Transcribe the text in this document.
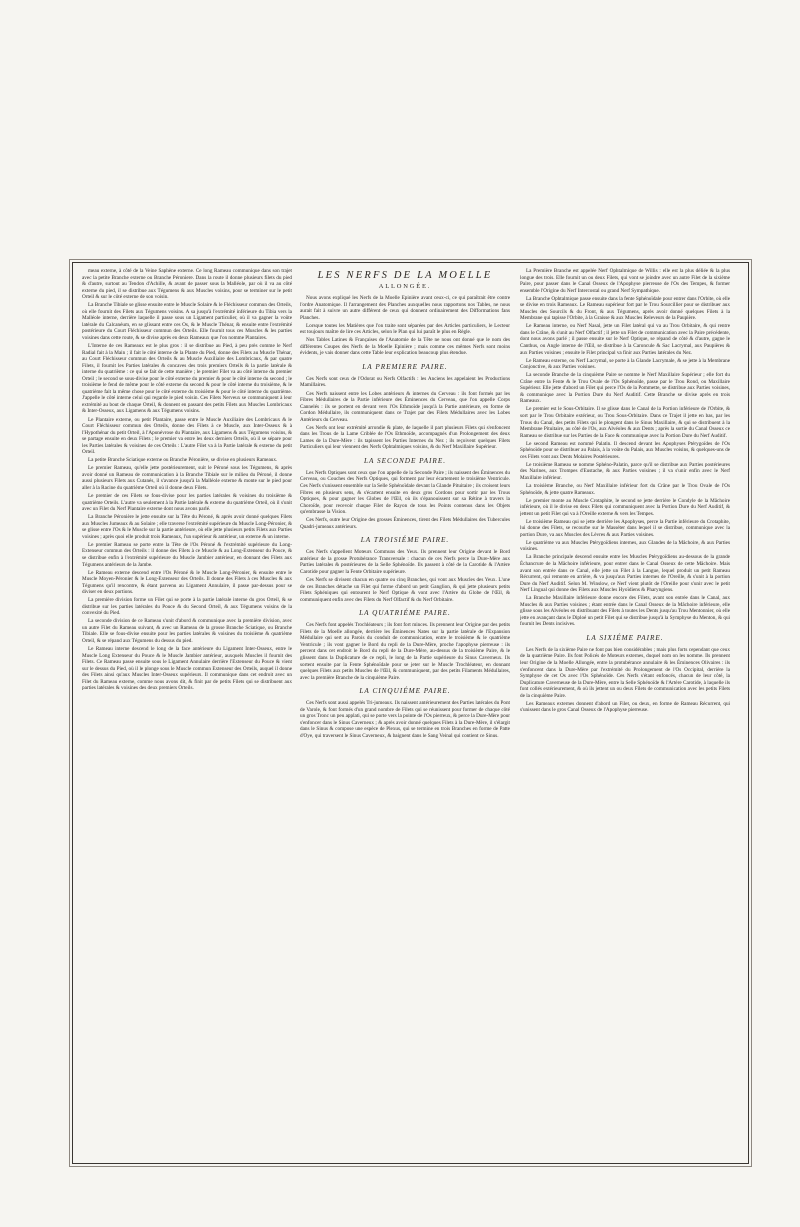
meau externe, à côté de la Veine Saphène externe. Ce long Rameau communique dans son trajet avec la petite Branche externe ou Branche Péroniere. Dans la route il donne plusieurs filets du pied & d'autre, surtout au Tendon d'Achille, & avant de passer sous la Malléole, par où il va au côté externe du pied, il se distribue aux Tégumens & aux Muscles voisins, pour se terminer sur le petit Orteil & sur le côté externe de son voisin.

La Branche Tibiale se glisse ensuite entre le Muscle Solaire & le Fléchisseur commun des Orteils, où elle fournit des Filets aux Tégumens voisins. A sa jusqu'à l'extrémité inférieure du Tibia vers la Malléole interne, derrière laquelle il passe sous un Ligament particulier, où il va gagner la voûte latérale du Calcanéum, en se glissant entre ces Os, & le Muscle Thénar, & ensuite entre l'extrémité postérieure du Court Fléchisseur commun des Orteils. Elle fournit tous ces Muscles & les parties voisines dans cette route, & se divise après en deux Rameaux que l'on nomme Plantaires.

L'Interne de ces Rameaux est le plus gros : il se distribue au Pied, à peu près comme le Nerf Radial fait à la Main ; il fait le côté interne de la Plante du Pied, donne des Filets au Muscle Thénar, au Court Fléchisseur commun des Orteils & au Muscle Auxiliaire des Lombricaux, & par quatre Filets, il fournit les Parties latérales & concaves des trois premiers Orteils & la partie latérale & interne du quatrième : ce qui se fait de cette manière ; le premier Filet va au côté interne du premier Orteil ; le second se sous-divise pour le côté externe du premier & pour le côté interne du second ; le troisième le fend de même pour le côté externe du second & pour le côté interne du troisième, & le quatrième fait la même chose pour le côté externe du troisième & pour le côté interne du quatrième. J'appelle le côté interne celui qui regarde le pied voisin. Ces Filets Nerveux se communiquent à leur extrémité au bout de chaque Orteil, & donnent en passant des petits Filets aux Muscles Lombricaux & Inter-Osseux, aux Ligamens & aux Tégumens voisins.

Le Plantaire externe, ou petit Plantaire, passe entre le Muscle Auxiliaire des Lombricaux & le Court Fléchisseur commun des Orteils, donne des Filets à ce Muscle, aux Inter-Osseux & à l'Hypothénar du petit Orteil, à l'Aponévrose du Plantaire, aux Ligamens & aux Tégumens voisins, & se partage ensuite en deux Filets ; le premier va entre les deux derniers Orteils, où il se sépare pour les Parties latérales & voisines de ces Orteils : L'autre Filet va à la Partie latérale & externe du petit Orteil.

La petite Branche Sciatique externe ou Branche Péronière, se divise en plusieurs Rameaux.

Le premier Rameau, qu'elle jette postérieurement, suit le Péroné sous les Tégumens, & après avoir donné un Rameau de communication à la Branche Tibiale sur le milieu du Péroné, il donne aussi plusieurs Filets aux Cutanés, il s'avance jusqu'à la Malléole externe & monte sur le pied pour aller à la Racine du quatrième Orteil où il donne deux Filets.

Le premier de ces Filets se fous-divise pour les parties latérales & voisines du troisième & quatrième Orteils. L'autre va seulement à la Partie latérale & externe du quatrième Orteil, où il s'unit avec un Filet du Nerf Plantaire externe dont nous avons parlé.

La Branche Péronière le jette ensuite sur la Tête du Péroné, & après avoir donné quelques Filets aux Muscles Jumeaux & au Solaire ; elle traverse l'extrémité supérieure du Muscle Long-Péronier, & se glisse entre l'Os & le Muscle sur la partie antérieure, où elle jette plusieurs petits Filets aux Parties voisines ; après quoi elle produit trois Rameaux, l'un supérieur & antérieur, un externe & un interne.

Le premier Rameau se porte entre la Tête de l'Os Péroné & l'extrémité supérieure du Long-Extenseur commun des Orteils : il donne des Filets à ce Muscle & au Long-Extenseur du Pouce, & se distribue enfin à l'extrémité supérieure du Muscle Jambier antérieur, en donnant des Filets aux Tégumens antérieurs de la Jambe.

Le Rameau externe descend entre l'Os Péroné & le Muscle Long-Péronier, & ensuite entre le Muscle Moyen-Péronier & le Long-Extenseur des Orteils. Il donne des Filets à ces Muscles & aux Tégumens qu'il rencontre, & étant parvenu au Ligament Annulaire, il passe par-dessus pour se diviser en deux portions.

La première division forme un Filet qui se porte à la partie latérale interne du gros Orteil, & se distribue sur les parties latérales du Pouce & du Second Orteil, & aux Tégumens voisins de la convexité du Pied.

La seconde division de ce Rameau s'unit d'abord & communique avec la première division, avec un autre Filet du Rameau suivant, & avec un Rameau de la grosse Branche Sciatique, ou Branche Tibiale. Elle se fous-divise ensuite pour les parties latérales & voisines du troisième & quatrième Orteil, & se répand aux Tégumens du dessus du pied.

Le Rameau interne descend le long de la face antérieure du Ligament Inter-Osseux, entre le Muscle Long Extenseur du Pouce & le Muscle Jambier antérieur, auxquels Muscles il fournit des Filets. Ce Rameau passe ensuite sous le Ligament Annulaire derrière l'Extenseur du Pouce & vient sur le dessus du Pied, où il le plonge sous le Muscle commun Extenseur des Orteils, auquel il donne des Filets ainsi qu'aux Muscles Inter-Osseux supérieurs. Il communique dans cet endroit avec un Filet du Rameau externe, comme nous avons dit, & finit par de petits Filets qui se distribuent aux parties latérales & voisines des deux premiers Orteils.

LES NERFS DE LA MOELLE
ALLONGÉE.

Nous avons expliqué les Nerfs de la Moelle Epinière avant ceux-ci, ce qui paraîtrait être contre l'ordre Anatomique. Il l'arrangement des Planches auxquelles nous rapportons nos Tables, ne nous aurait fait à suivre un autre différent de ceux qui donnent ordinairement des Difformations fans Planches.

Lorsque toutes les Matières que l'on traite sont séparées par des Articles particuliers, le Lecteur est toujours maître de lire ces Articles, selon le Plan qui lui paraît le plus en Règle.

Nos Tables Latines & Françaises de l'Anatomie de la Tête ne nous ont donné que le nom des différentes Coupes des Nerfs de la Moelle Epinière ; mais comme ces mêmes Nerfs sont moins évidents, je vais donner dans cette Table leur explication beaucoup plus étendue.

LA PREMIERE PAIRE.

Ces Nerfs sont ceux de l'Odorat ou Nerfs Olfactifs : les Anciens les appelaient les Productions Mamillaires.

Ces Nerfs naissent entre les Lobes antérieurs & internes du Cerveau : ils font formés par les Fibres Médullaires de la Partie inférieure des Éminences du Cerveau, que l'on appelle Corps Cannelés : ils se portent en devant vers l'Os Ethmoïde jusqu'à la Partie antérieure, en forme de Cordon Médullaire, ils communiquent dans ce Trajet par des Filets Médullaires avec les Lobes Antérieurs du Cerveau.

Ces Nerfs ont leur extrémité arrondie & plate, de laquelle il part plusieurs Filets qui s'enfoncent dans les Trous de la Lame Criblée de l'Os Ethmoïde, accompagnés d'un Prolongement des deux Lames de la Dure-Mère : ils tapissent les Parties Internes du Nez ; ils reçoivent quelques Filets Particuliers qui leur viennent des Nerfs Ophtalmiques voisins, & du Nerf Maxillaire Supérieur.

LA SECONDE PAIRE.

Les Nerfs Optiques sont ceux que l'on appelle de la Seconde Paire ; ils naissent des Éminences du Cerveau, ou Couches des Nerfs Optiques, qui forment par leur écartement le troisième Ventricule. Ces Nerfs s'unissent ensemble sur la Selle Sphénoïdale devant la Glande Pituitaire ; ils croisent leurs Fibres en plusieurs sens, & s'écartent ensuite en deux gros Cordons pour sortir par les Trous Optiques, & pour gagner les Globes de l'Œil, où ils s'épanouissent sur sa Rétine à travers la Choroïde, pour recevoir chaque Filet de Rayon de tous les Points contenus dans les Objets qu'embrasse la Vision.

Ces Nerfs, outre leur Origine des grosses Éminences, tirent des Filets Médullaires des Tubercules Quadri-jumeaux antérieurs.

LA TROISIÉME PAIRE.

Ces Nerfs s'appellent Moteurs Communs des Yeux. Ils prennent leur Origine devant le Bord antérieur de la grosse Protubérance Transversale : chacun de ces Nerfs perce la Dure-Mère aux Parties latérales & postérieures de la Selle Sphénoïde. Ils passent à côté de la Carotide & l'Artère Carotide pour gagner la Fente Orbitaire supérieure.

Ces Nerfs se divisent chacun en quatre ou cinq Branches, qui vont aux Muscles des Yeux. L'une de ces Branches détache un Filet qui forme d'abord un petit Ganglion, & qui jette plusieurs petits Filets Sphéniques qui entourent le Nerf Optique & vont avec l'Artère du Globe de l'Œil, & communiquent enfin avec des Filets du Nerf Olfactif & du Nerf Orbitaire.

LA QUATRIÉME PAIRE.

Ces Nerfs font appelés Trochléateurs ; ils font fort minces. Ils prennent leur Origine par des petits Filets de la Moelle allongée, derrière les Éminences Nates sur la partie latérale de l'Expansion Médullaire qui sert au Parois du conduit de communication, entre le troisième & le quatrième Ventricule ; ils vont gagner le Bord du repli de la Dure-Mère, proche l'apophyse pierreuse : ils percent dans cet endroit le Bord du repli de la Dure-Mère, au-dessus de la troisième Paire, & le glissent dans la Duplicature de ce repli, le long de la Partie supérieure du Sinus Caverneux. Ils sortent ensuite par la Fente Sphénoïdale pour se jeter sur le Muscle Trochléateur, en donnant quelques Filets aux petits Muscles de l'Œil, & communiquent, par des petits Filaments Médullaires, avec la première Branche de la cinquième Paire.

LA CINQUIÉME PAIRE.

Ces Nerfs sont aussi appelés Tri-jumeaux. Ils naissent antérieurement des Parties latérales du Pont de Varole, & font formés d'un grand nombre de Filets qui se réunissent pour former de chaque côté un gros Tronc un peu applati, qui se porte vers la pointe de l'Os pierreux, & perce la Dure-Mère pour s'enfoncer dans le Sinus Caverneux ; & après avoir donné quelques Filets à la Dure-Mère, il s'élargit dans le Sinus & compose une espèce de Plexus, qui se termine en trois Branches en forme de Patte d'Oye, qui traversent le Sinus Caverneux, & baignent dans le Sang Veinal qui contient ce Sinus.

La Première Branche est appelée Nerf Ophtalmique de Willis : elle est la plus déliée & la plus longue des trois. Elle fournit un ou deux Filets, qui vont se joindre avec un autre Filet de la sixième Paire, pour passer dans le Canal Osseux de l'Apophyse pierreuse de l'Os des Tempes, & former ensemble l'Origine du Nerf Intercostal ou grand Nerf Sympathique.

La Branche Ophtalmique passe ensuite dans la fente Sphénoïdale pour entrer dans l'Orbite, où elle se divise en trois Rameaux. Le Rameau supérieur fort par le Trou Sourcillier pour se distribuer aux Muscles des Sourcils & du Front, & aux Tégumens, après avoir donné quelques Filets à la Membrane qui tapisse l'Orbite, à la Graisse & aux Muscles Releveurs de la Paupière.

Le Rameau interne, ou Nerf Nasal, jette un Filet latéral qui va au Trou Orbitaire, & qui rentre dans le Crâne, & s'unit au Nerf Olfactif ; il jette un Filet de communication avec la Paire précédente, dont nous avons parlé ; il passe ensuite sur le Nerf Optique, se répand de côté & d'autre, gagne le Canthus, ou Angle interne de l'Œil, se distribue à la Caroncule & Sac Lacrymal, aux Paupières & aux Parties voisines ; ensuite le Filet principal va finir aux Parties latérales du Nez.

Le Rameau externe, ou Nerf Lacrymal, se porte à la Glande Lacrymale, & se jette à la Membrane Conjonctive, & aux Parties voisines.

La seconde Branche de la cinquième Paire se nomme le Nerf Maxillaire Supérieur ; elle fort du Crâne entre la Fente & le Trou Ovale de l'Os Sphénoïde, passe par le Trou Rond, ou Maxillaire Supérieur. Elle jette d'abord un Filet qui perce l'Os de la Pommette, se distribue aux Parties voisines, & communique avec la Portion Dure du Nerf Auditif. Cette Branche se divise après en trois Rameaux.

Le premier est le Sous-Orbitaire. Il se glisse dans le Canal de la Portion inférieure de l'Orbite, & sort par le Trou Orbitaire extérieur, ou Trou Sous-Orbitaire. Dans ce Trajet il jette en bas, par les Trous du Canal, des petits Filets qui le plongent dans le Sinus Maxillaire, & qui se distribuent à la Membrane Pituitaire, au côté de l'Os, aux Alvéoles & aux Dents ; après la sortie du Canal Osseux ce Rameau se distribue sur les Parties de la Face & communique avec la Portion Dure du Nerf Auditif.

Le second Rameau est nommé Palatin. Il descend devant les Apophyses Ptérygoïdes de l'Os Sphénoïde pour se distribuer au Palais, à la voûte du Palais, aux Muscles voisins, & quelques-uns de ces Filets vont aux Dents Molaires Postérieures.

Le troisième Rameau se nomme Sphéno-Palatin, parce qu'il se distribue aux Parties postérieures des Narines, aux Trompes d'Eustache, & aux Parties voisines ; il va s'unir enfin avec le Nerf Maxillaire inférieur.

La troisième Branche, ou Nerf Maxillaire inférieur fort du Crâne par le Trou Ovale de l'Os Sphénoïde, & jette quatre Rameaux.

Le premier monte au Muscle Crotaphite, le second se jette derrière le Condyle de la Mâchoire inférieure, où il le divise en deux Filets qui communiquent avec la Portion Dure du Nerf Auditif, & jettent un petit Filet qui va à l'Oreille externe & vers les Tempes.

Le troisième Rameau qui se jette derrière les Apophyses, perce la Partie inférieure du Crotaphite, lui donne des Filets, se recourbe sur le Masséter dans lequel il se distribue, communique avec la portion Dure, va aux Muscles des Lèvres & aux Parties voisines.

Le quatrième va aux Muscles Ptérygoïdiens internes, aux Glandes de la Mâchoire, & aux Parties voisines.

La Branche principale descend ensuite entre les Muscles Ptérygoïdiens au-dessous de la grande Échancrure de la Mâchoire inférieure, pour entrer dans le Canal Osseux de cette Mâchoire. Mais avant son entrée dans ce Canal, elle jette un Filet à la Langue, lequel produit un petit Rameau Récurrent, qui remonte en arrière, & va jusqu'aux Parties internes de l'Oreille, & s'unit à la portion Dure du Nerf Auditif. Selon M. Winslow, ce Nerf vient plutôt de l'Oreille pour s'unir avec le petit Nerf Lingual qui donne des Filets aux Muscles Hyoïdiens & Pharyngiens.

La Branche Maxillaire inférieure donne encore des Filets, avant son entrée dans le Canal, aux Muscles & aux Parties voisines ; étant entrée dans le Canal Osseux de la Mâchoire inférieure, elle glisse sous les Alvéoles en distribuant des Filets à toutes les Dents jusqu'au Trou Mentonnier, où elle jette en avançant dans le Diploé un petit Filet qui se distribue jusqu'à la Symphyse du Menton, & qui fournit les Dents incisives.

LA SIXIÉME PAIRE.

Les Nerfs de la sixième Paire ne font pas bien considérables ; mais plus forts cependant que ceux de la quatrième Paire. Ils font Policés de Moteurs externes, duquel nom on les nomme. Ils prennent leur Origine de la Moelle Allongée, entre la protubérance annulaire & les Éminences Olivaires : ils s'enfoncent dans la Dure-Mère par l'extrémité du Prolongement de l'Os Occipital, derrière la Symphyse de cet Os avec l'Os Sphénoïde. Ces Nerfs s'étant enfoncés, chacun de leur côté, la Duplicature Caverneuse de la Dure-Mère, entre la Selle Sphénoïde & l'Artère Carotide, à laquelle ils font collés extérieurement, & où ils jettent un ou deux Filets de communication avec les petits Filets de la cinquième Paire.

Les Rameaux externes donnent d'abord un Filet, ou deux, en forme de Rameau Récurrent, qui s'unissent dans le gros Canal Osseux de l'Apophyse pierreuse.
